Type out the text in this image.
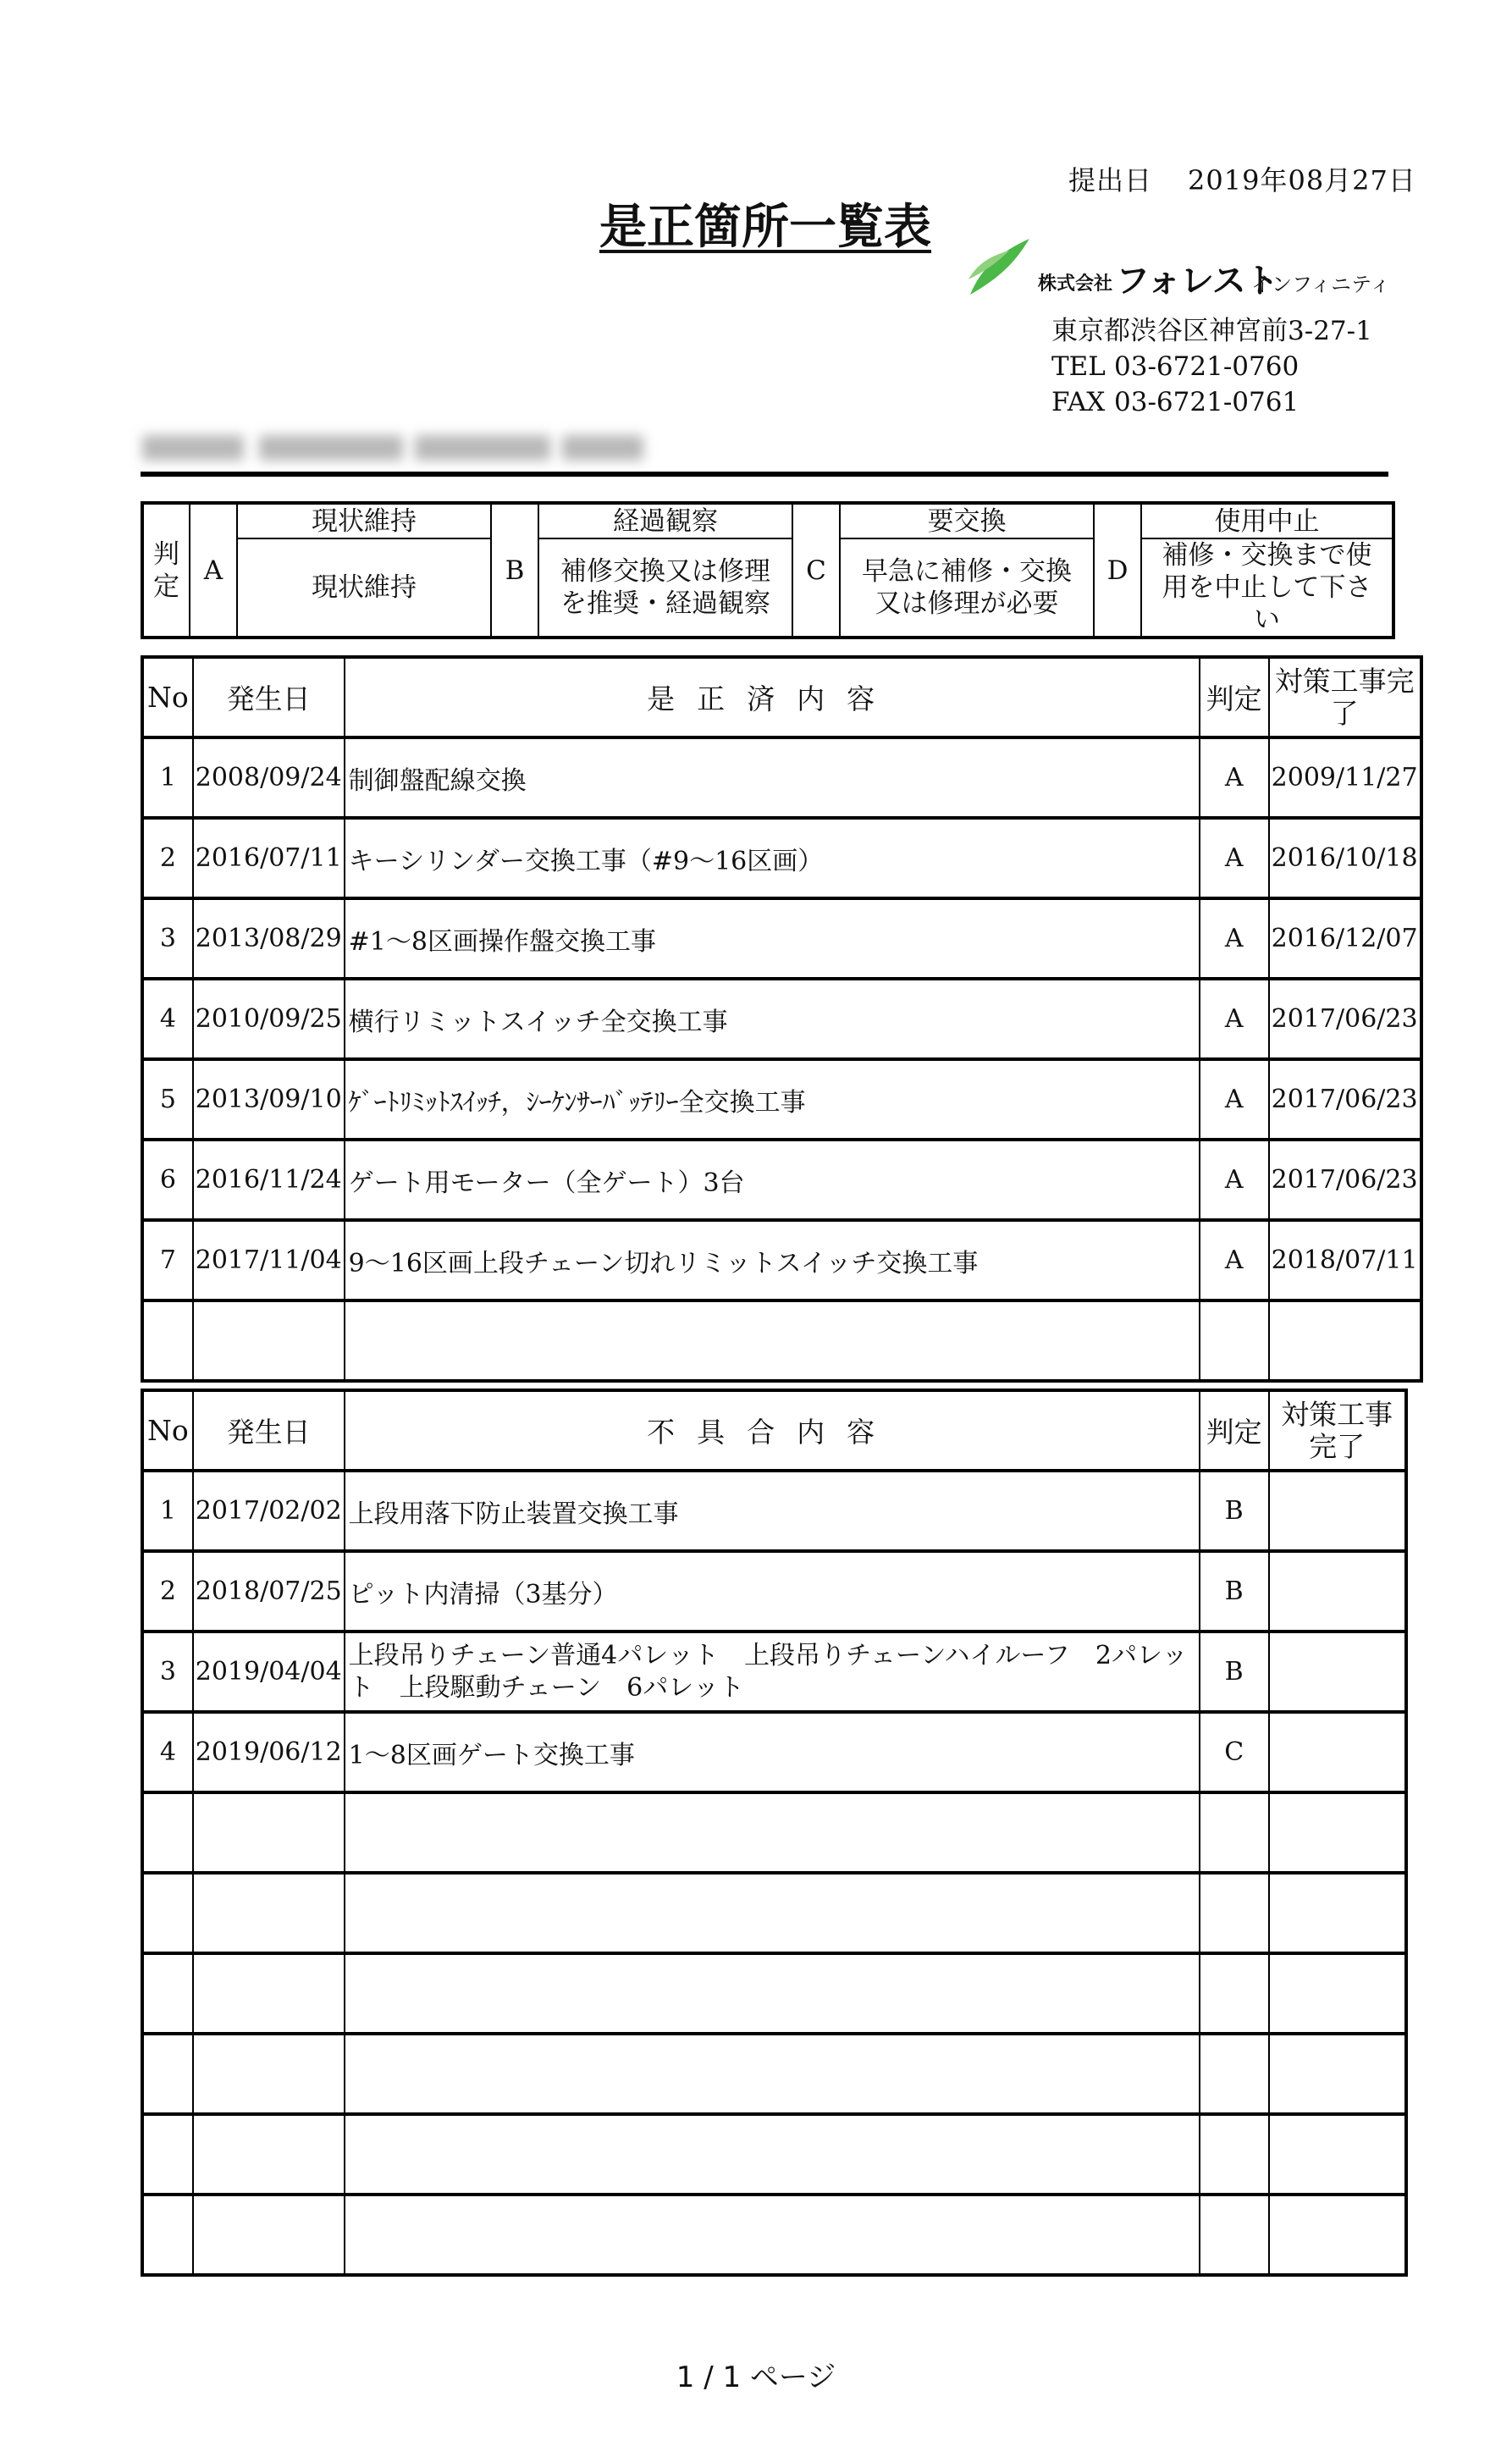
提出日 2019年08月27日
是正箇所一覧表
株式会社 フォレスト
インフィニティ
東京都渋谷区神宮前3-27-1
TEL 03-6721-0760
FAX 03-6721-0761
判定	A	現状維持	B	経過観察	C	要交換	D	使用中止
		現状維持		補修交換又は修理を推奨・経過観察		早急に補修・交換又は修理が必要		補修・交換まで使用を中止して下さい
No	発生日	是正済内容	判定	対策工事完了
1	2008/09/24	制御盤配線交換	A	2009/11/27
2	2016/07/11	キーシリンダー交換工事（#9～16区画）	A	2016/10/18
3	2013/08/29	#1～8区画操作盤交換工事	A	2016/12/07
4	2010/09/25	横行リミットスイッチ全交換工事	A	2017/06/23
5	2013/09/10	ｹﾞｰﾄﾘﾐｯﾄｽｲｯﾁ，ｼｰｹﾝｻｰﾊﾞｯﾃﾘｰ全交換工事	A	2017/06/23
6	2016/11/24	ゲート用モーター（全ゲート）3台	A	2017/06/23
7	2017/11/04	9～16区画上段チェーン切れリミットスイッチ交換工事	A	2018/07/11

No	発生日	不具合内容	判定	対策工事完了
1	2017/02/02	上段用落下防止装置交換工事	B	
2	2018/07/25	ピット内清掃（3基分）	B	
3	2019/04/04	上段吊りチェーン普通4パレット　上段吊りチェーンハイルーフ　2パレット　上段駆動チェーン　6パレット	B	
4	2019/06/12	1～8区画ゲート交換工事	C	

1 / 1 ページ
